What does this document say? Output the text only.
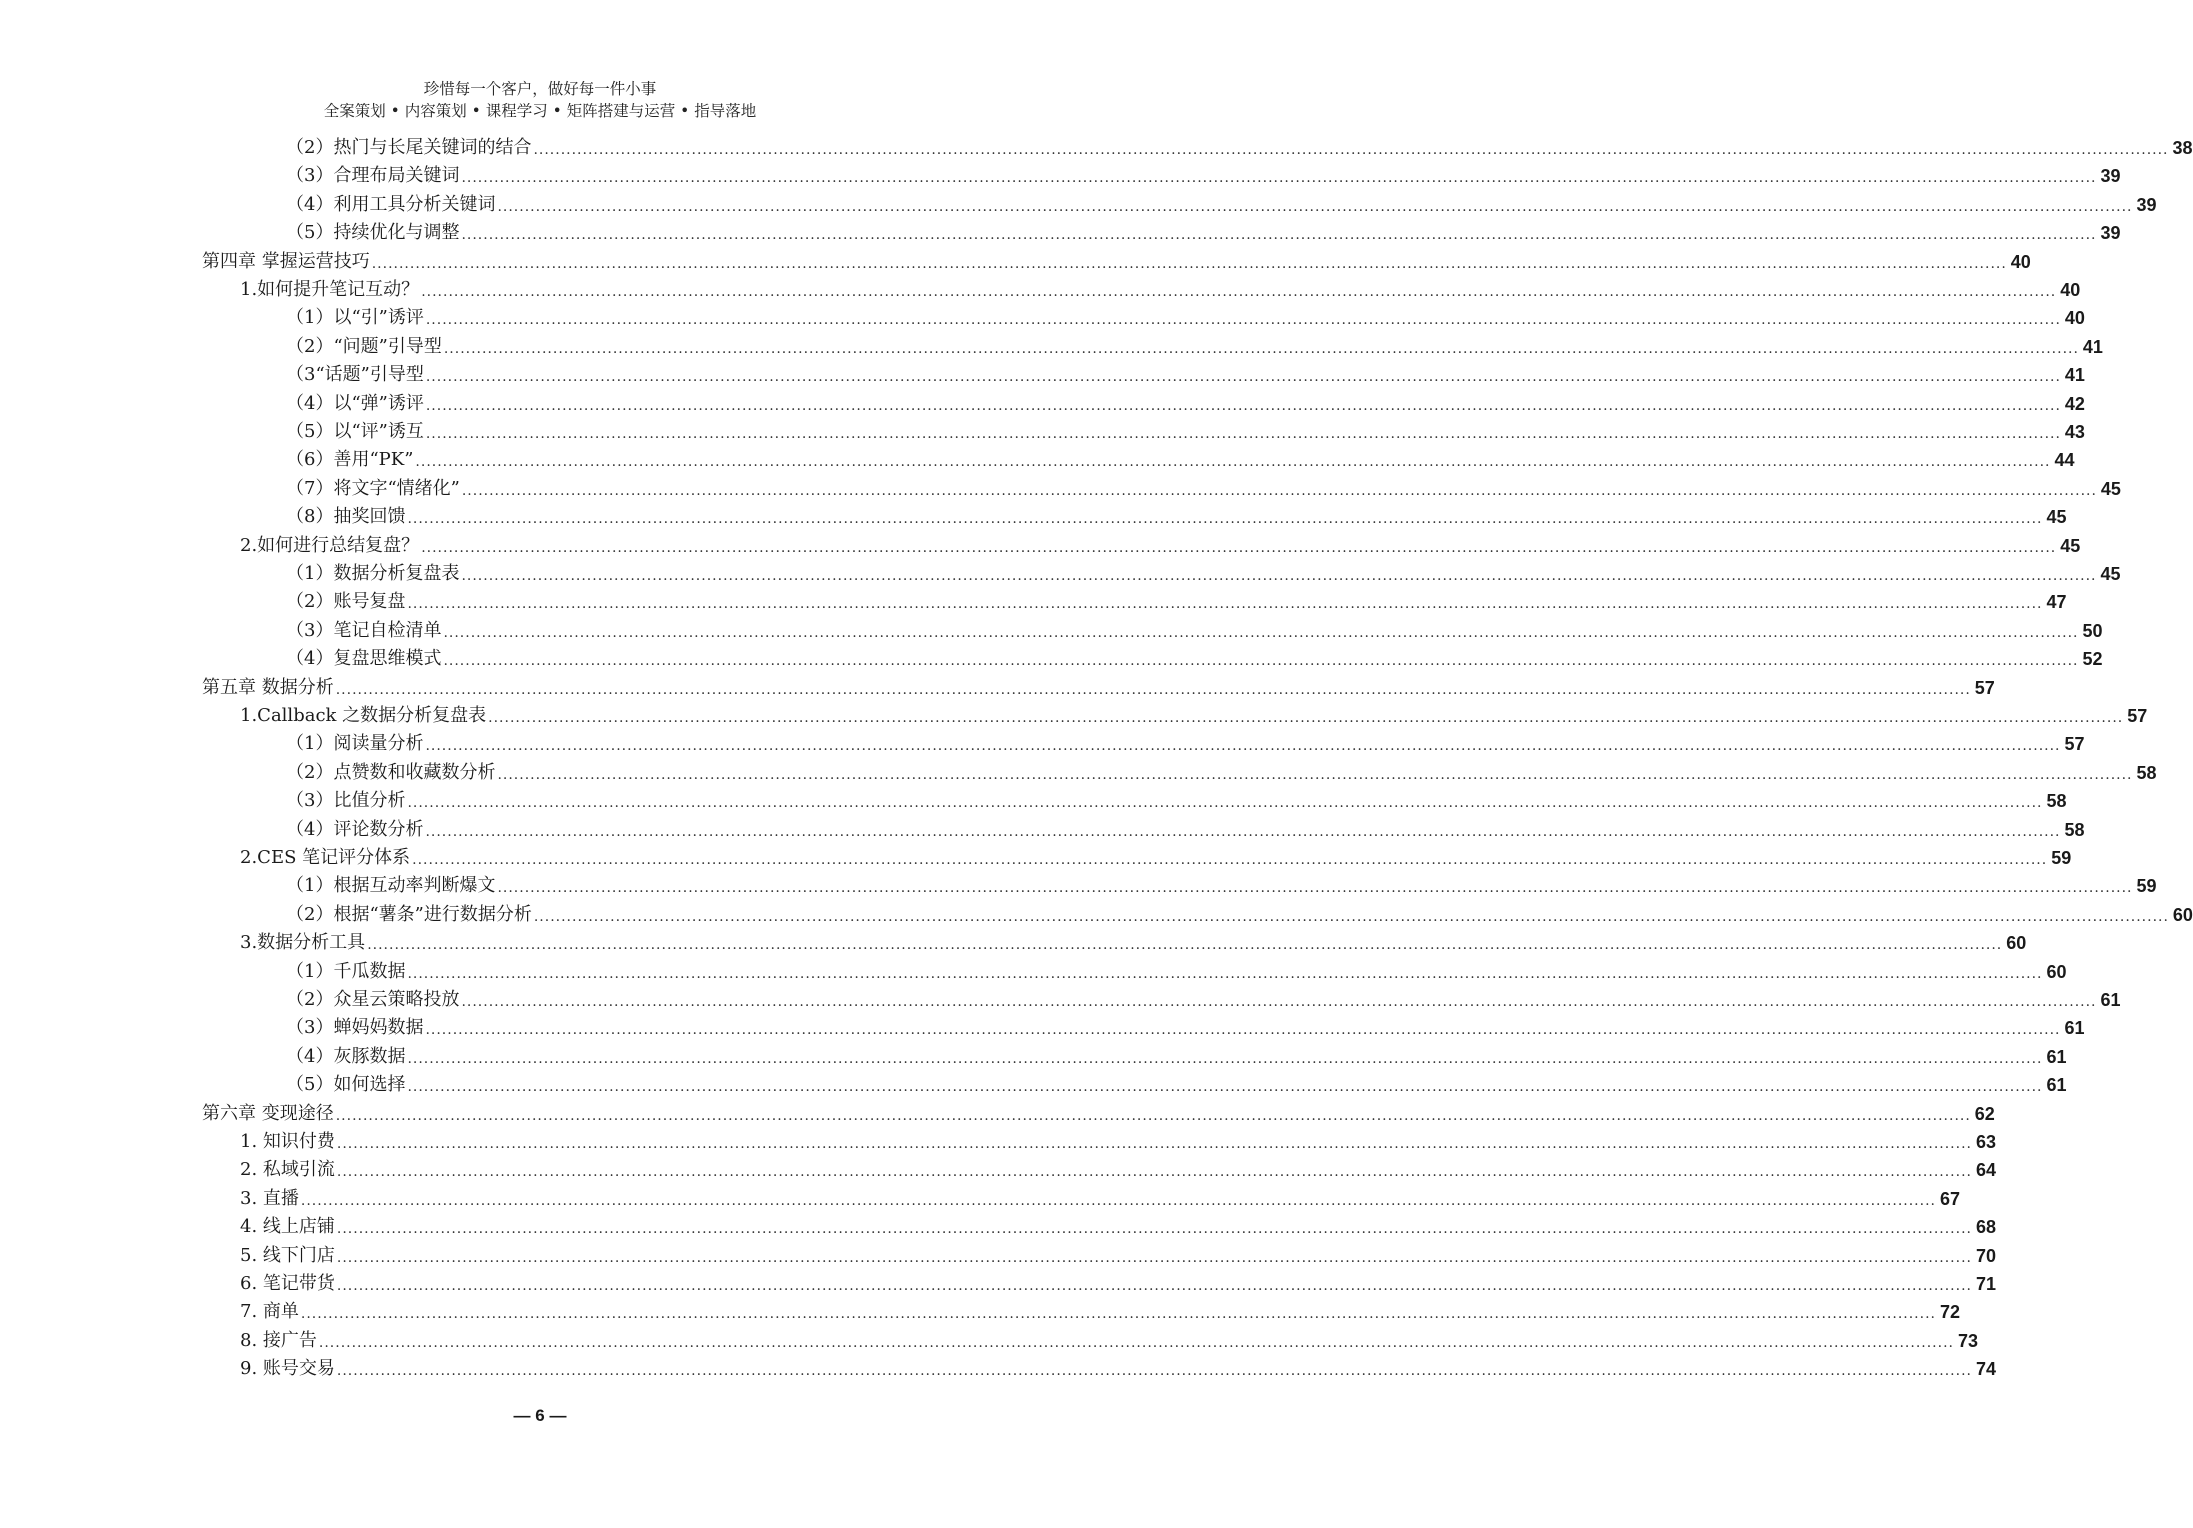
珍惜每一个客户，做好每一件小事
全案策划 • 内容策划 • 课程学习 • 矩阵搭建与运营 • 指导落地
（2）热门与长尾关键词的结合 ............................................................................................................................................................................................................................................................................................................ 38
（3）合理布局关键词 ............................................................................................................................................................................................................................................................................................................ 39
（4）利用工具分析关键词 ............................................................................................................................................................................................................................................................................................................ 39
（5）持续优化与调整 ............................................................................................................................................................................................................................................................................................................ 39
第四章 掌握运营技巧 ............................................................................................................................................................................................................................................................................................................ 40
1.如何提升笔记互动？ ............................................................................................................................................................................................................................................................................................................ 40
（1）以“引”诱评 ............................................................................................................................................................................................................................................................................................................ 40
（2）“问题”引导型 ............................................................................................................................................................................................................................................................................................................ 41
（3“话题”引导型 ............................................................................................................................................................................................................................................................................................................ 41
（4）以“弹”诱评 ............................................................................................................................................................................................................................................................................................................ 42
（5）以“评”诱互 ............................................................................................................................................................................................................................................................................................................ 43
（6）善用“PK” ............................................................................................................................................................................................................................................................................................................ 44
（7）将文字“情绪化” ............................................................................................................................................................................................................................................................................................................ 45
（8）抽奖回馈 ............................................................................................................................................................................................................................................................................................................ 45
2.如何进行总结复盘？ ............................................................................................................................................................................................................................................................................................................ 45
（1）数据分析复盘表 ............................................................................................................................................................................................................................................................................................................ 45
（2）账号复盘 ............................................................................................................................................................................................................................................................................................................ 47
（3）笔记自检清单 ............................................................................................................................................................................................................................................................................................................ 50
（4）复盘思维模式 ............................................................................................................................................................................................................................................................................................................ 52
第五章 数据分析 ............................................................................................................................................................................................................................................................................................................ 57
1.Callback 之数据分析复盘表 ............................................................................................................................................................................................................................................................................................................ 57
（1）阅读量分析 ............................................................................................................................................................................................................................................................................................................ 57
（2）点赞数和收藏数分析 ............................................................................................................................................................................................................................................................................................................ 58
（3）比值分析 ............................................................................................................................................................................................................................................................................................................ 58
（4）评论数分析 ............................................................................................................................................................................................................................................................................................................ 58
2.CES 笔记评分体系 ............................................................................................................................................................................................................................................................................................................ 59
（1）根据互动率判断爆文 ............................................................................................................................................................................................................................................................................................................ 59
（2）根据“薯条”进行数据分析 ............................................................................................................................................................................................................................................................................................................ 60
3.数据分析工具 ............................................................................................................................................................................................................................................................................................................ 60
（1）千瓜数据 ............................................................................................................................................................................................................................................................................................................ 60
（2）众星云策略投放 ............................................................................................................................................................................................................................................................................................................ 61
（3）蝉妈妈数据 ............................................................................................................................................................................................................................................................................................................ 61
（4）灰豚数据 ............................................................................................................................................................................................................................................................................................................ 61
（5）如何选择 ............................................................................................................................................................................................................................................................................................................ 61
第六章 变现途径 ............................................................................................................................................................................................................................................................................................................ 62
1. 知识付费 ............................................................................................................................................................................................................................................................................................................ 63
2. 私域引流 ............................................................................................................................................................................................................................................................................................................ 64
3. 直播 ............................................................................................................................................................................................................................................................................................................ 67
4. 线上店铺 ............................................................................................................................................................................................................................................................................................................ 68
5. 线下门店 ............................................................................................................................................................................................................................................................................................................ 70
6. 笔记带货 ............................................................................................................................................................................................................................................................................................................ 71
7. 商单 ............................................................................................................................................................................................................................................................................................................ 72
8. 接广告 ............................................................................................................................................................................................................................................................................................................ 73
9. 账号交易 ............................................................................................................................................................................................................................................................................................................ 74
— 6 —
